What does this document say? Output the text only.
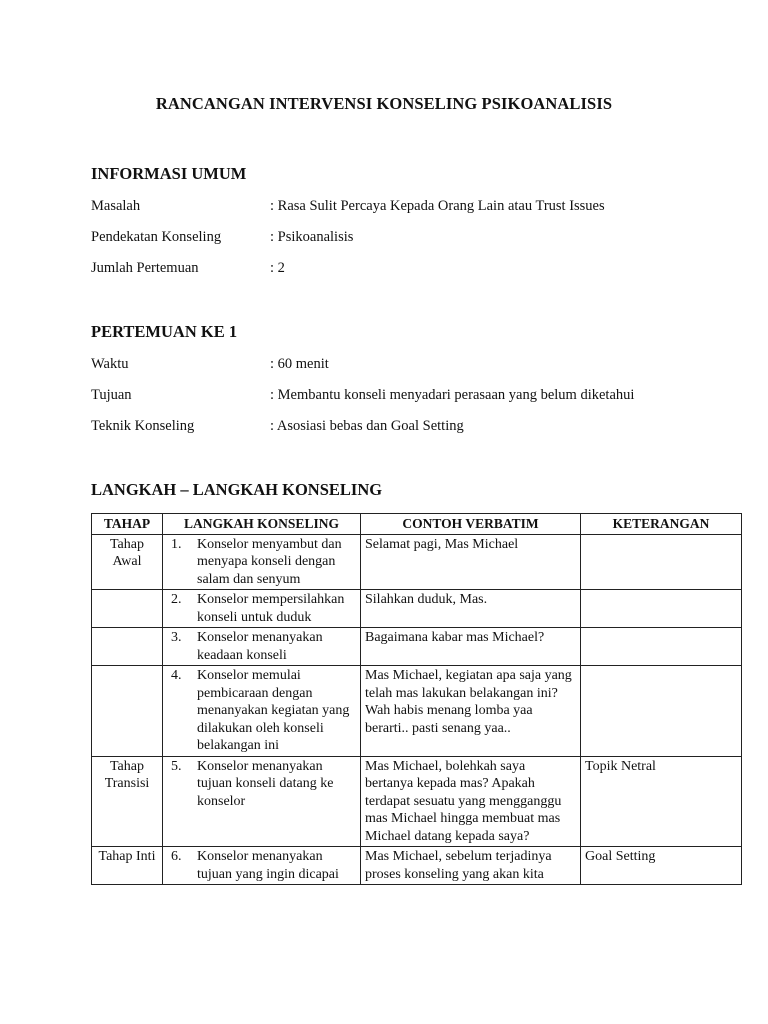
RANCANGAN INTERVENSI KONSELING PSIKOANALISIS
INFORMASI UMUM
Masalah	: Rasa Sulit Percaya Kepada Orang Lain atau Trust Issues
Pendekatan Konseling	: Psikoanalisis
Jumlah Pertemuan	: 2
PERTEMUAN KE 1
Waktu	: 60 menit
Tujuan	: Membantu konseli menyadari perasaan yang belum diketahui
Teknik Konseling	: Asosiasi bebas dan Goal Setting
LANGKAH – LANGKAH KONSELING
TAHAP	LANGKAH KONSELING	CONTOH VERBATIM	KETERANGAN
Tahap Awal	1. Konselor menyambut dan menyapa konseli dengan salam dan senyum	Selamat pagi, Mas Michael	

	2. Konselor mempersilahkan konseli untuk duduk	Silahkan duduk, Mas.	

	3. Konselor menanyakan keadaan konseli	Bagaimana kabar mas Michael?	

	4. Konselor memulai pembicaraan dengan menanyakan kegiatan yang dilakukan oleh konseli belakangan ini	Mas Michael, kegiatan apa saja yang telah mas lakukan belakangan ini? Wah habis menang lomba yaa berarti.. pasti senang yaa..	
Tahap Transisi	5. Konselor menanyakan tujuan konseli datang ke konselor	Mas Michael, bolehkah saya bertanya kepada mas? Apakah terdapat sesuatu yang mengganggu mas Michael hingga membuat mas Michael datang kepada saya?	Topik Netral
Tahap Inti	6. Konselor menanyakan tujuan yang ingin dicapai	Mas Michael, sebelum terjadinya proses konseling yang akan kita	Goal Setting
